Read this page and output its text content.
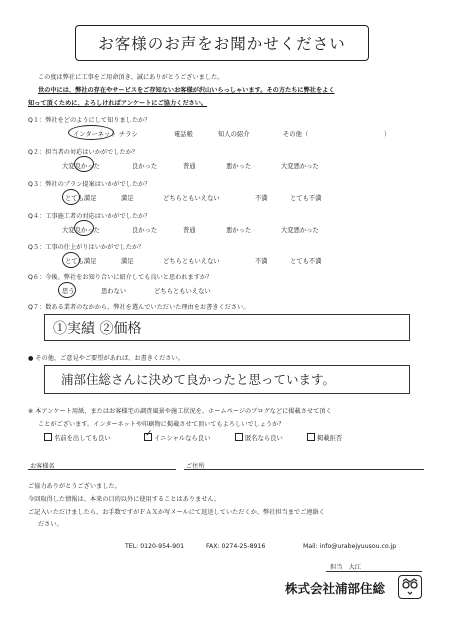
お客様のお声をお聞かせください
この度は弊社に工事をご用命頂き、誠にありがとうございました。
世の中には、弊社の存在やサービスをご存知ないお客様が沢山いらっしゃいます。その方たちに弊社をよく
知って頂くために、よろしければアンケートにご協力ください。
Q１：弊社をどのようにして知りましたか？
インターネット チラシ	電話帳	知人の紹介	その他（	）
Q２：担当者の対応はいかがでしたか？
大変良かった	良かった	普通	悪かった	大変悪かった
Q３：弊社のプラン提案はいかがでしたか？
とても満足	満足	どちらともいえない	不満	とても不満
Q４：工事施工者の対応はいかがでしたか？
大変良かった	良かった	普通	悪かった	大変悪かった
Q５：工事の仕上がりはいかがでしたか？
とても満足	満足	どちらともいえない	不満	とても不満
Q６：今後、弊社をお知り合いに紹介しても良いと思われますか？
思う	思わない	どちらともいえない
Q７：数ある業者のなかから、弊社を選んでいただいた理由をお書きください。
①実績 ②価格
● その他、ご意見やご要望があれば、お書きください。
浦部住総さんに決めて良かったと思っています。
※ 本アンケート用紙、またはお客様宅の調査風景や施工状況を、ホームページのブログなどに掲載させて頂く
ことがございます。インターネットや印刷物に掲載させて頂いてもよろしいでしょうか？
名前を出しても良い	✓ イニシャルなら良い	匿名なら良い	掲載拒否
お客様名	ご住所
ご協力ありがとうございました。
今回取得した情報は、本来の目的以外に使用することはありません。
ご記入いただけましたら、お手数ですがＦＡＸか写メールにて返送していただくか、弊社担当までご連絡く
ださい。
TEL: 0120-954-901	FAX: 0274-25-8916	Mail: info@urabejyuusou.co.jp
担当　 大江
株式会社浦部住総
